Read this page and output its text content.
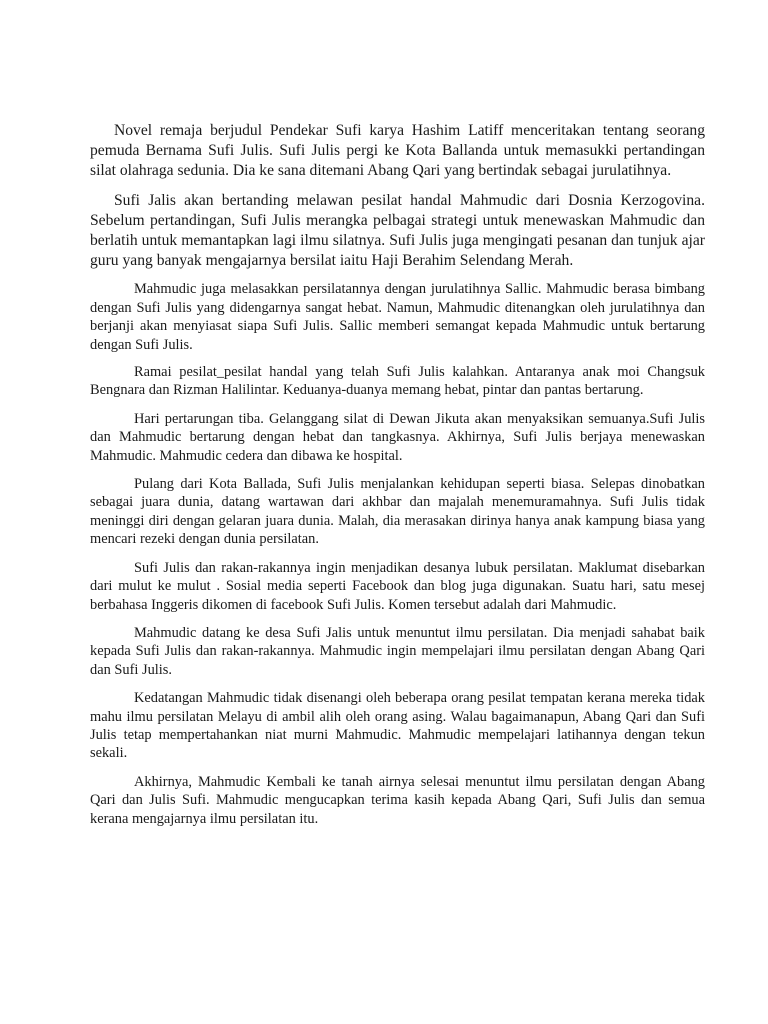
Novel remaja berjudul Pendekar Sufi karya Hashim Latiff menceritakan tentang seorang pemuda Bernama Sufi Julis. Sufi Julis pergi ke Kota Ballanda untuk memasukki pertandingan silat olahraga sedunia. Dia ke sana ditemani Abang Qari yang bertindak sebagai jurulatihnya.

Sufi Jalis akan bertanding melawan pesilat handal Mahmudic dari Dosnia Kerzogovina. Sebelum pertandingan, Sufi Julis merangka pelbagai strategi untuk menewaskan Mahmudic dan berlatih untuk memantapkan lagi ilmu silatnya. Sufi Julis juga mengingati pesanan dan tunjuk ajar guru yang banyak mengajarnya bersilat iaitu Haji Berahim Selendang Merah.

Mahmudic juga melasakkan persilatannya dengan jurulatihnya Sallic. Mahmudic berasa bimbang dengan Sufi Julis yang didengarnya sangat hebat. Namun, Mahmudic ditenangkan oleh jurulatihnya dan berjanji akan menyiasat siapa Sufi Julis. Sallic memberi semangat kepada Mahmudic untuk bertarung dengan Sufi Julis.

Ramai pesilat_pesilat handal yang telah Sufi Julis kalahkan. Antaranya anak moi Changsuk Bengnara dan Rizman Halilintar. Keduanya-duanya memang hebat, pintar dan pantas bertarung.

Hari pertarungan tiba. Gelanggang silat di Dewan Jikuta akan menyaksikan semuanya.Sufi Julis dan Mahmudic bertarung dengan hebat dan tangkasnya. Akhirnya, Sufi Julis berjaya menewaskan Mahmudic. Mahmudic cedera dan dibawa ke hospital.

Pulang dari Kota Ballada, Sufi Julis menjalankan kehidupan seperti biasa. Selepas dinobatkan sebagai juara dunia, datang wartawan dari akhbar dan majalah menemuramahnya. Sufi Julis tidak meninggi diri dengan gelaran juara dunia. Malah, dia merasakan dirinya hanya anak kampung biasa yang mencari rezeki dengan dunia persilatan.

Sufi Julis dan rakan-rakannya ingin menjadikan desanya lubuk persilatan. Maklumat disebarkan dari mulut ke mulut . Sosial media seperti Facebook dan blog juga digunakan. Suatu hari, satu mesej berbahasa Inggeris dikomen di facebook Sufi Julis. Komen tersebut adalah dari Mahmudic.

Mahmudic datang ke desa Sufi Jalis untuk menuntut ilmu persilatan. Dia menjadi sahabat baik kepada Sufi Julis dan rakan-rakannya. Mahmudic ingin mempelajari ilmu persilatan dengan Abang Qari dan Sufi Julis.

Kedatangan Mahmudic tidak disenangi oleh beberapa orang pesilat tempatan kerana mereka tidak mahu ilmu persilatan Melayu di ambil alih oleh orang asing. Walau bagaimanapun, Abang Qari dan Sufi Julis tetap mempertahankan niat murni Mahmudic. Mahmudic mempelajari latihannya dengan tekun sekali.

Akhirnya, Mahmudic Kembali ke tanah airnya selesai menuntut ilmu persilatan dengan Abang Qari dan Julis Sufi. Mahmudic mengucapkan terima kasih kepada Abang Qari, Sufi Julis dan semua kerana mengajarnya ilmu persilatan itu.
